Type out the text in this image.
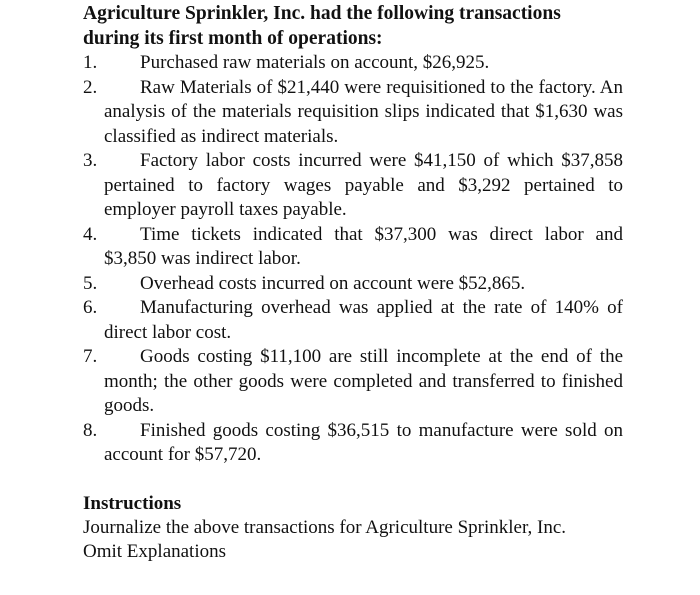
Agriculture Sprinkler, Inc. had the following transactions

during its first month of operations:

1. Purchased raw materials on account, $26,925.
2. Raw Materials of $21,440 were requisitioned to the factory. An analysis of the materials requisition slips indicated that $1,630 was classified as indirect materials.
3. Factory labor costs incurred were $41,150 of which $37,858 pertained to factory wages payable and $3,292 pertained to employer payroll taxes payable.
4. Time tickets indicated that $37,300 was direct labor and $3,850 was indirect labor.
5. Overhead costs incurred on account were $52,865.
6. Manufacturing overhead was applied at the rate of 140% of direct labor cost.
7. Goods costing $11,100 are still incomplete at the end of the month; the other goods were completed and transferred to finished goods.
8. Finished goods costing $36,515 to manufacture were sold on account for $57,720.

Instructions

Journalize the above transactions for Agriculture Sprinkler, Inc.

Omit Explanations
